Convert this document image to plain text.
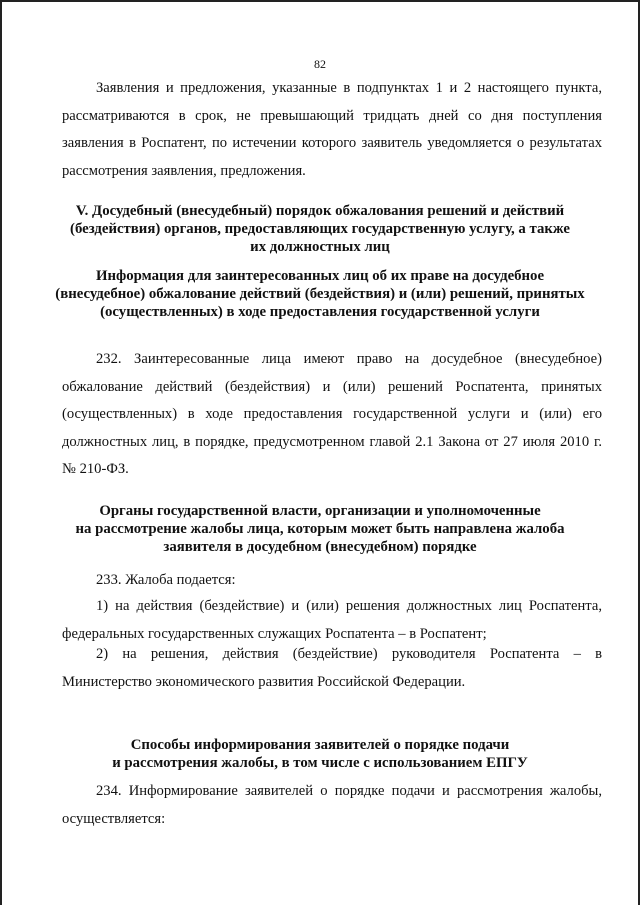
82

Заявления и предложения, указанные в подпунктах 1 и 2 настоящего пункта, рассматриваются в срок, не превышающий тридцать дней со дня поступления заявления в Роспатент, по истечении которого заявитель уведомляется о результатах рассмотрения заявления, предложения.

V. Досудебный (внесудебный) порядок обжалования решений и действий
(бездействия) органов, предоставляющих государственную услугу, а также
их должностных лиц
Информация для заинтересованных лиц об их праве на досудебное
(внесудебное) обжалование действий (бездействия) и (или) решений, принятых
(осуществленных) в ходе предоставления государственной услуги

232. Заинтересованные лица имеют право на досудебное (внесудебное) обжалование действий (бездействия) и (или) решений Роспатента, принятых (осуществленных) в ходе предоставления государственной услуги и (или) его должностных лиц, в порядке, предусмотренном главой 2.1 Закона от 27 июля 2010 г. № 210-ФЗ.

Органы государственной власти, организации и уполномоченные
на рассмотрение жалобы лица, которым может быть направлена жалоба
заявителя в досудебном (внесудебном) порядке

233. Жалоба подается:

1) на действия (бездействие) и (или) решения должностных лиц Роспатента, федеральных государственных служащих Роспатента – в Роспатент;

2) на решения, действия (бездействие) руководителя Роспатента – в Министерство экономического развития Российской Федерации.

Способы информирования заявителей о порядке подачи
и рассмотрения жалобы, в том числе с использованием ЕПГУ

234. Информирование заявителей о порядке подачи и рассмотрения жалобы, осуществляется:
